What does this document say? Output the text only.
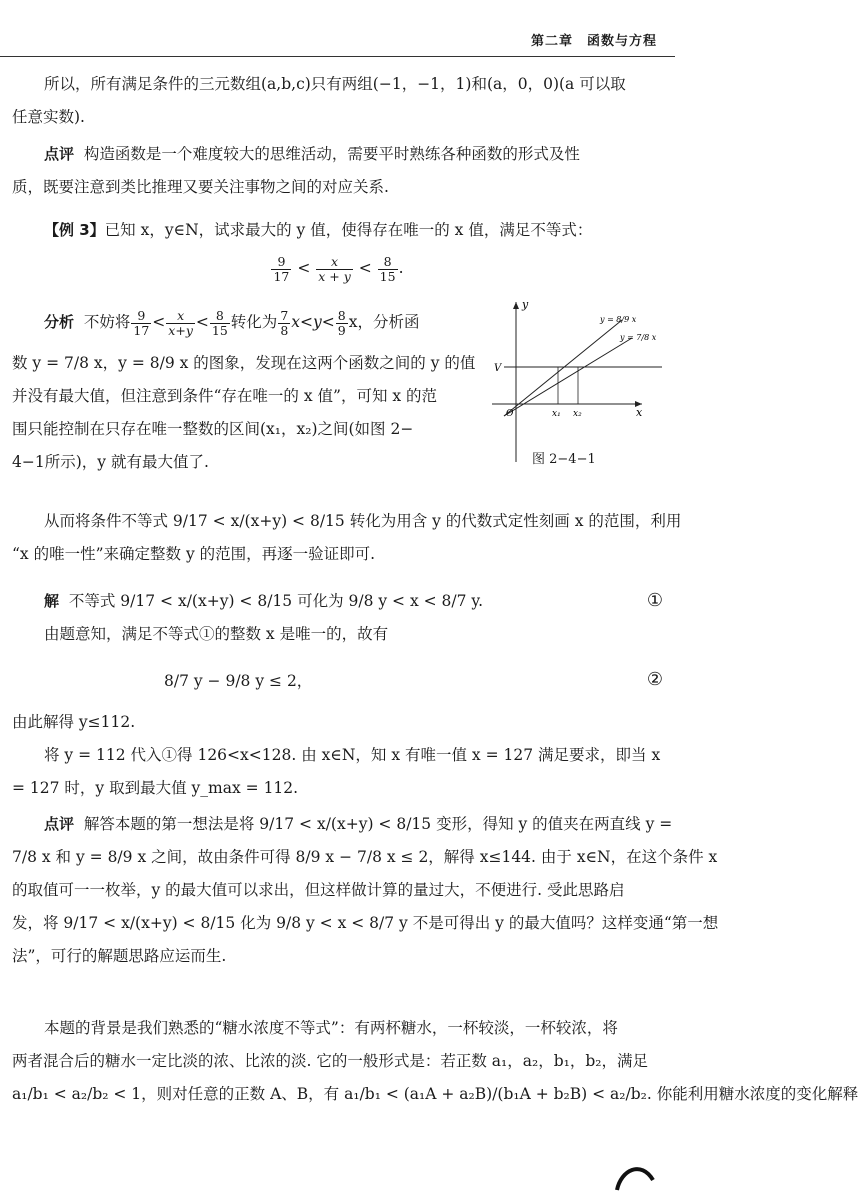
第二章　函数与方程
所以，所有满足条件的三元数组(a,b,c)只有两组(−1，−1，1)和(a，0，0)(a 可以取
任意实数).
点评 构造函数是一个难度较大的思维活动，需要平时熟练各种函数的形式及性
质，既要注意到类比推理又要关注事物之间的对应关系.
【例 3】已知 x，y∈N，试求最大的 y 值，使得存在唯一的 x 值，满足不等式：
$\frac{9}{17} < \frac{x}{x + y} < \frac{8}{15}$ .
分析 不妨将 $\frac{9}{17} < \frac{x}{x+y} < \frac{8}{15}$ 转化为 $\frac{7}{8} x<y< \frac{8}{9}$ x，分析函
数 y = 7/8 x，y = 8/9 x 的图象，发现在这两个函数之间的 y 的值
并没有最大值，但注意到条件“存在唯一的 x 值”，可知 x 的范
围只能控制在只存在唯一整数的区间(x₁，x₂)之间(如图 2−
4−1所示)，y 就有最大值了.
y
x
O
V
x₁ x₂
y = 8/9 x
y = 7/8 x
图 2−4−1
从而将条件不等式 9/17 < x/(x+y) < 8/15 转化为用含 y 的代数式定性刻画 x 的范围，利用
“x 的唯一性”来确定整数 y 的范围，再逐一验证即可.
解 不等式 9/17 < x/(x+y) < 8/15 可化为 9/8 y < x < 8/7 y.
由题意知，满足不等式①的整数 x 是唯一的，故有
8/7 y − 9/8 y ≤ 2，
由此解得 y≤112.
将 y = 112 代入①得 126<x<128. 由 x∈N，知 x 有唯一值 x = 127 满足要求，即当 x
= 127 时，y 取到最大值 y_max = 112.
①
②
点评 解答本题的第一想法是将 9/17 < x/(x+y) < 8/15 变形，得知 y 的值夹在两直线 y =
7/8 x 和 y = 8/9 x 之间，故由条件可得 8/9 x − 7/8 x ≤ 2，解得 x≤144. 由于 x∈N，在这个条件 x
的取值可一一枚举，y 的最大值可以求出，但这样做计算的量过大，不便进行. 受此思路启
发，将 9/17 < x/(x+y) < 8/15 化为 9/8 y < x < 8/7 y 不是可得出 y 的最大值吗？这样变通“第一想
法”，可行的解题思路应运而生.
本题的背景是我们熟悉的“糖水浓度不等式”：有两杯糖水，一杯较淡，一杯较浓，将
两者混合后的糖水一定比淡的浓、比浓的淡. 它的一般形式是：若正数 a₁，a₂，b₁，b₂，满足
a₁/b₁ < a₂/b₂ < 1，则对任意的正数 A、B，有 a₁/b₁ < (a₁A + a₂B)/(b₁A + b₂B) < a₂/b₂. 你能利用糖水浓度的变化解释
